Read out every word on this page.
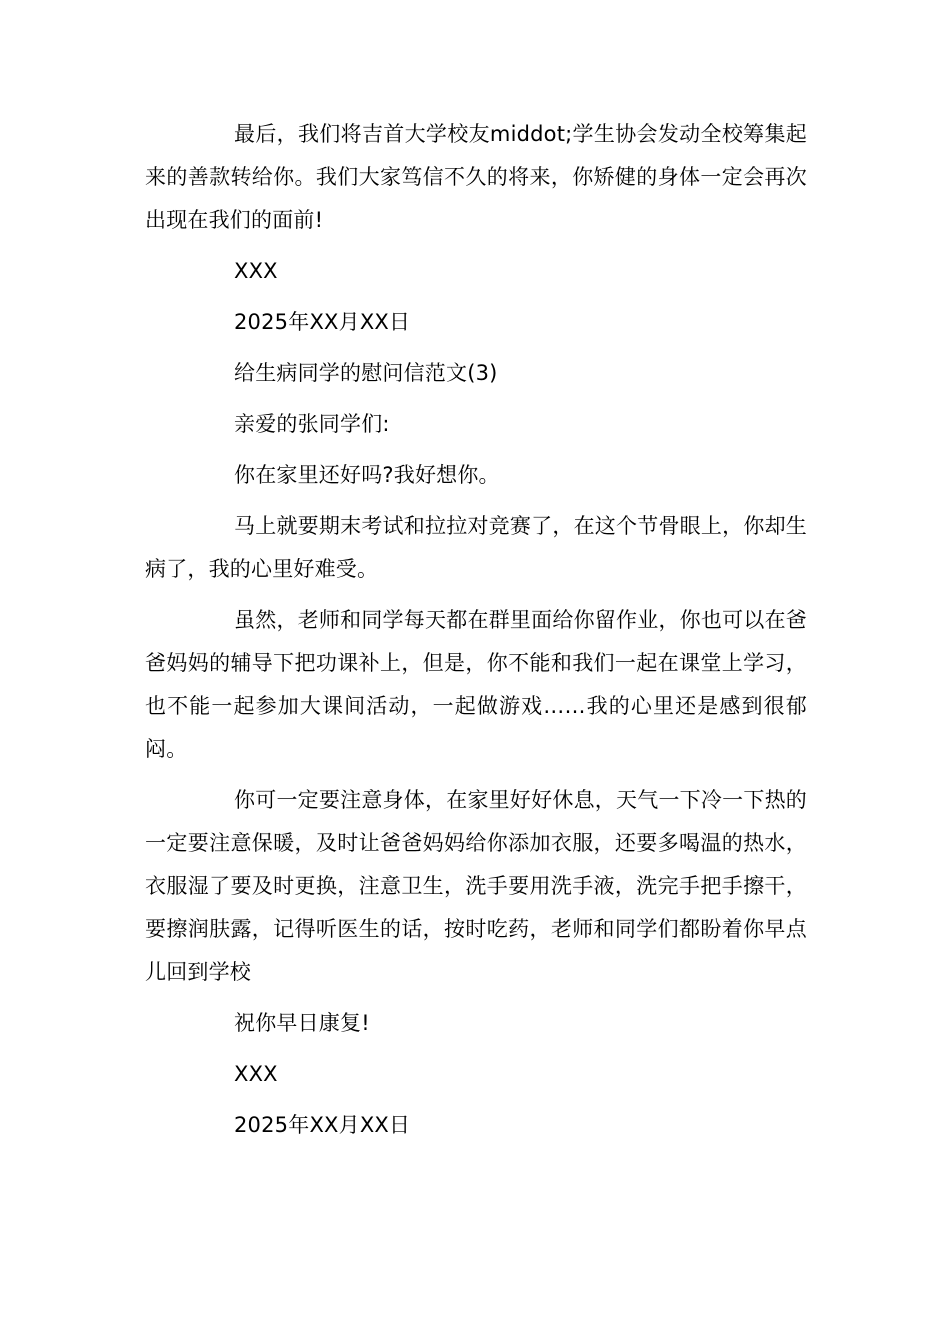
最后，我们将吉首大学校友middot;学生协会发动全校筹集起来的善款转给你。我们大家笃信不久的将来，你矫健的身体一定会再次出现在我们的面前!

XXX

2025年XX月XX日

给生病同学的慰问信范文(3)

亲爱的张同学们:

你在家里还好吗?我好想你。

马上就要期末考试和拉拉对竞赛了，在这个节骨眼上，你却生病了，我的心里好难受。

虽然，老师和同学每天都在群里面给你留作业，你也可以在爸爸妈妈的辅导下把功课补上，但是，你不能和我们一起在课堂上学习，也不能一起参加大课间活动，一起做游戏……我的心里还是感到很郁闷。

你可一定要注意身体，在家里好好休息，天气一下冷一下热的一定要注意保暖，及时让爸爸妈妈给你添加衣服，还要多喝温的热水，衣服湿了要及时更换，注意卫生，洗手要用洗手液，洗完手把手擦干，要擦润肤露，记得听医生的话，按时吃药，老师和同学们都盼着你早点儿回到学校

祝你早日康复!

XXX

2025年XX月XX日
